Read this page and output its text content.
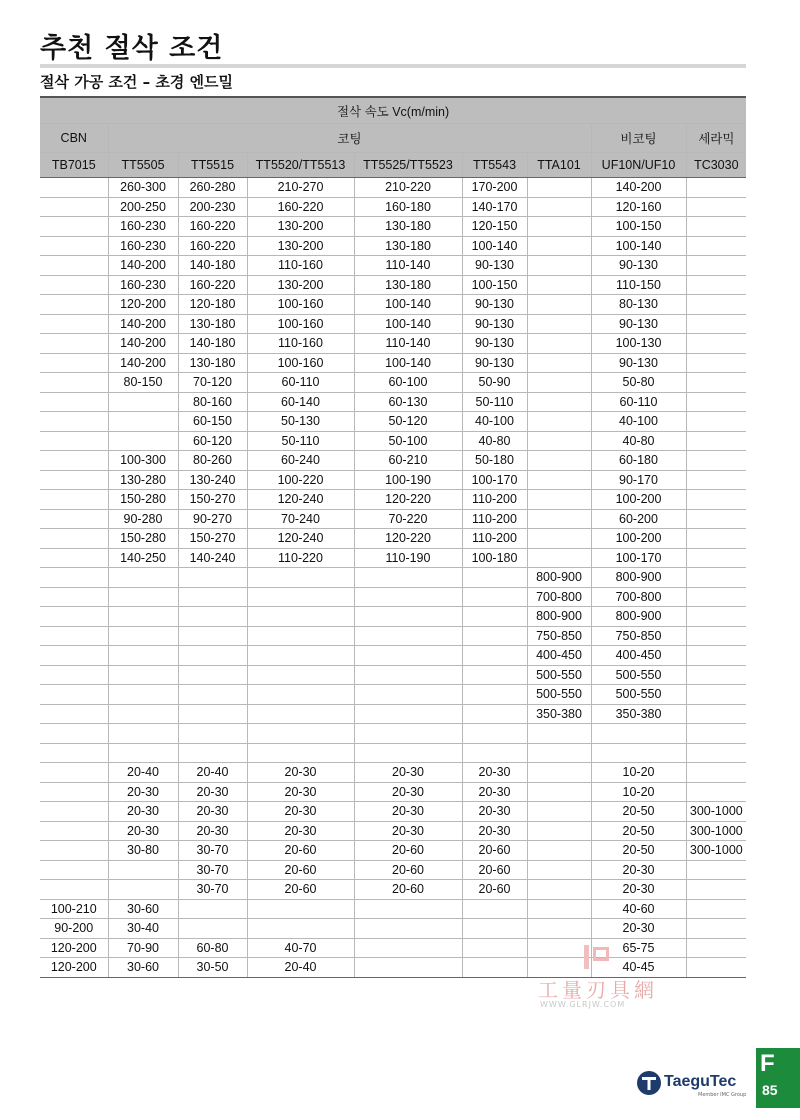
추천 절삭 조건
절삭 가공 조건 – 초경 엔드밀
절삭 속도 Vc(m/min)								
CBN	코팅						비코팅	세라믹
TB7015	TT5505	TT5515	TT5520/TT5513	TT5525/TT5523	TT5543	TTA101	UF10N/UF10	TC3030
	260-300	260-280	210-270	210-220	170-200		140-200	
	200-250	200-230	160-220	160-180	140-170		120-160	
	160-230	160-220	130-200	130-180	120-150		100-150	
	160-230	160-220	130-200	130-180	100-140		100-140	
	140-200	140-180	110-160	110-140	90-130		90-130	
	160-230	160-220	130-200	130-180	100-150		110-150	
	120-200	120-180	100-160	100-140	90-130		80-130	
	140-200	130-180	100-160	100-140	90-130		90-130	
	140-200	140-180	110-160	110-140	90-130		100-130	
	140-200	130-180	100-160	100-140	90-130		90-130	
	80-150	70-120	60-110	60-100	50-90		50-80	
		80-160	60-140	60-130	50-110		60-110	
		60-150	50-130	50-120	40-100		40-100	
		60-120	50-110	50-100	40-80		40-80	
	100-300	80-260	60-240	60-210	50-180		60-180	
	130-280	130-240	100-220	100-190	100-170		90-170	
	150-280	150-270	120-240	120-220	110-200		100-200	
	90-280	90-270	70-240	70-220	110-200		60-200	
	150-280	150-270	120-240	120-220	110-200		100-200	
	140-250	140-240	110-220	110-190	100-180		100-170	
						800-900	800-900	
						700-800	700-800	
						800-900	800-900	
						750-850	750-850	
						400-450	400-450	
						500-550	500-550	
						500-550	500-550	
						350-380	350-380	

	20-40	20-40	20-30	20-30	20-30		10-20	
	20-30	20-30	20-30	20-30	20-30		10-20	
	20-30	20-30	20-30	20-30	20-30		20-50	300-1000
	20-30	20-30	20-30	20-30	20-30		20-50	300-1000
	30-80	30-70	20-60	20-60	20-60		20-50	300-1000
		30-70	20-60	20-60	20-60		20-30	
		30-70	20-60	20-60	20-60		20-30	
100-210	30-60						40-60	
90-200	30-40						20-30	
120-200	70-90	60-80	40-70				65-75	
120-200	30-60	30-50	20-40				40-45	
工量刃具網
WWW.GLRJW.COM
TaeguTec
Member IMC Group
F
85
